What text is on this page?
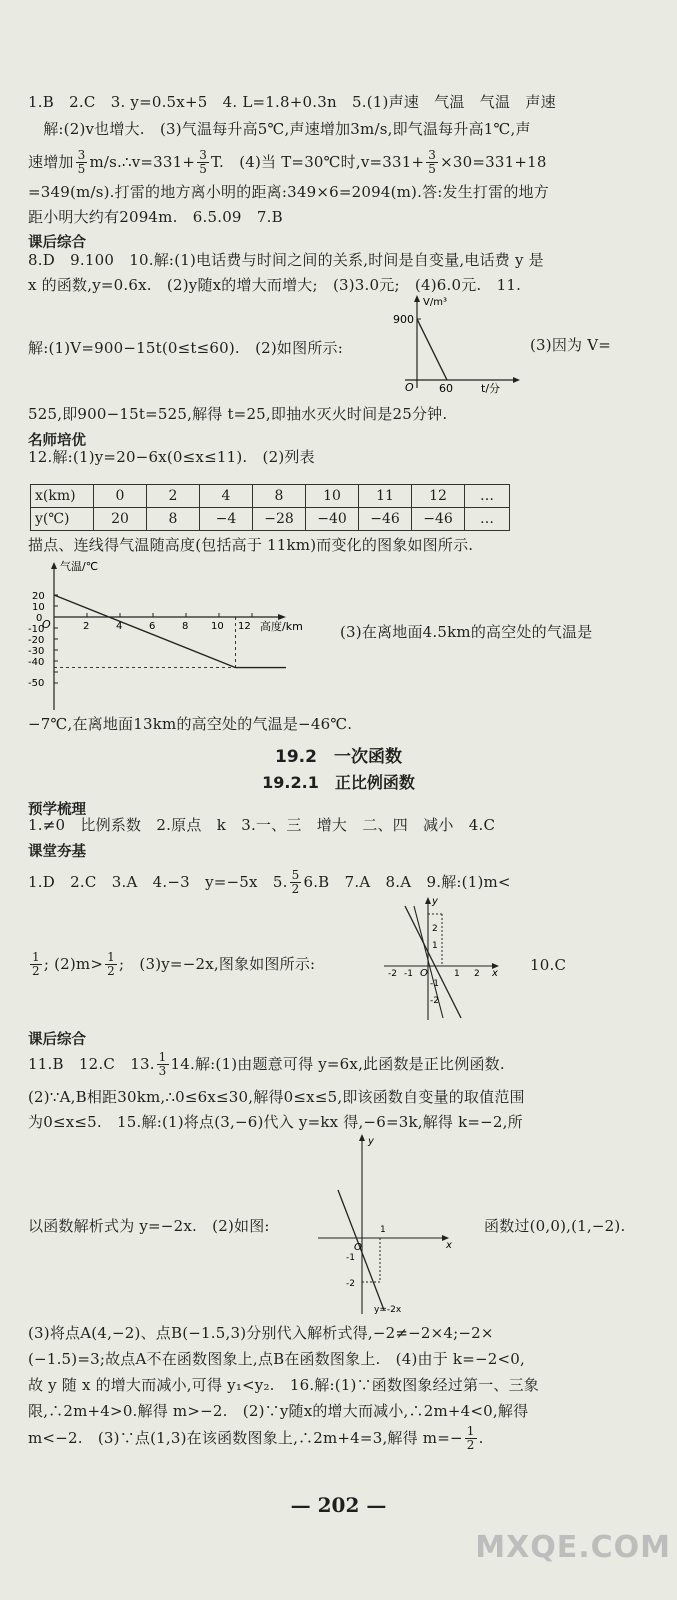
1.B　2.C　3. y=0.5x+5　4. L=1.8+0.3n　5.(1)声速　气温　气温　声速
　解:(2)v也增大.　(3)气温每升高5℃,声速增加3m/s,即气温每升高1℃,声
速增加 3
5 m/s.∴v=331+ $\frac{3}{5} T$.　(4)当 T=30℃时$,v=331+ \frac{3}{5} \times 30=331+18$
=349(m/s).打雷的地方离小明的距离:349×6=2094(m).答:发生打雷的地方
距小明大约有2094m.　6.5.09　7.B
课后综合
8.D　9.100　10.解:(1)电话费与时间之间的关系,时间是自变量,电话费 y 是
x 的函数,y=0.6x.　(2)y随x的增大而增大;　(3)3.0元;　(4)6.0元.　11.
解:(1)V=900−15t(0≤t≤60).　(2)如图所示:	(3)因为 V=
V/m³
900
O 60	t/分
525,即900−15t=525,解得 t=25,即抽水灭火时间是25分钟.
名师培优
12.解:(1)y=20−6x(0≤x≤11).　(2)列表
x(km)	0	2	4	8	10	11	12	…
y(℃)	20	8	−4	−28	−40	−46	−46	…
描点、连线得气温随高度(包括高于 11km)而变化的图象如图所示.
20
10
0
-10
-20
-30
-40
-50
气温/℃
O	2	4	6	8 10 12 高度/km (3)在离地面4.5km的高空处的气温是
−7℃,在离地面13km的高空处的气温是−46℃.
19.2　一次函数
19.2.1　正比例函数
预学梳理
1.≠0　比例系数　2.原点　k　3.一、三　增大　二、四　减小　4.C
课堂夯基
1.D　2.C　3.A　4.−3　y=−5x　5. 5
2 6.B　7.A　8.A　9.解:(1)m<
1
2 ; (2)m> 1
2 ;　(3)y=−2x,图象如图所示:	10.C
y
x
2
1
-1
-2
-2 -1	1 2
O
课后综合
11.B　12.C　13. 1
3 14.解:(1)由题意可得 y=6x,此函数是正比例函数.
(2)∵A,B相距30km,∴0≤6x≤30,解得0≤x≤5,即该函数自变量的取值范围
为0≤x≤5.　15.解:(1)将点(3,−6)代入 y=kx 得,−6=3k,解得 k=−2,所
O	x
1
-1
-2
y
y=-2x
以函数解析式为 y=−2x.　(2)如图:	函数过(0,0),(1,−2).
(3)将点A(4,−2)、点B(−1.5,3)分别代入解析式得,−2≠−2×4;−2×
(−1.5)=3;故点A不在函数图象上,点B在函数图象上.　(4)由于 k=−2<0,
故 y 随 x 的增大而减小,可得 y₁<y₂.　16.解:(1)∵函数图象经过第一、三象
限,∴2m+4>0.解得 m>−2.　(2)∵y随x的增大而减小,∴2m+4<0,解得
m<−2.　(3)∵点(1,3)在该函数图象上,∴2m+4=3,解得 $m=- \frac{1}{2}$ .
— 202 —
MXQE.COM
